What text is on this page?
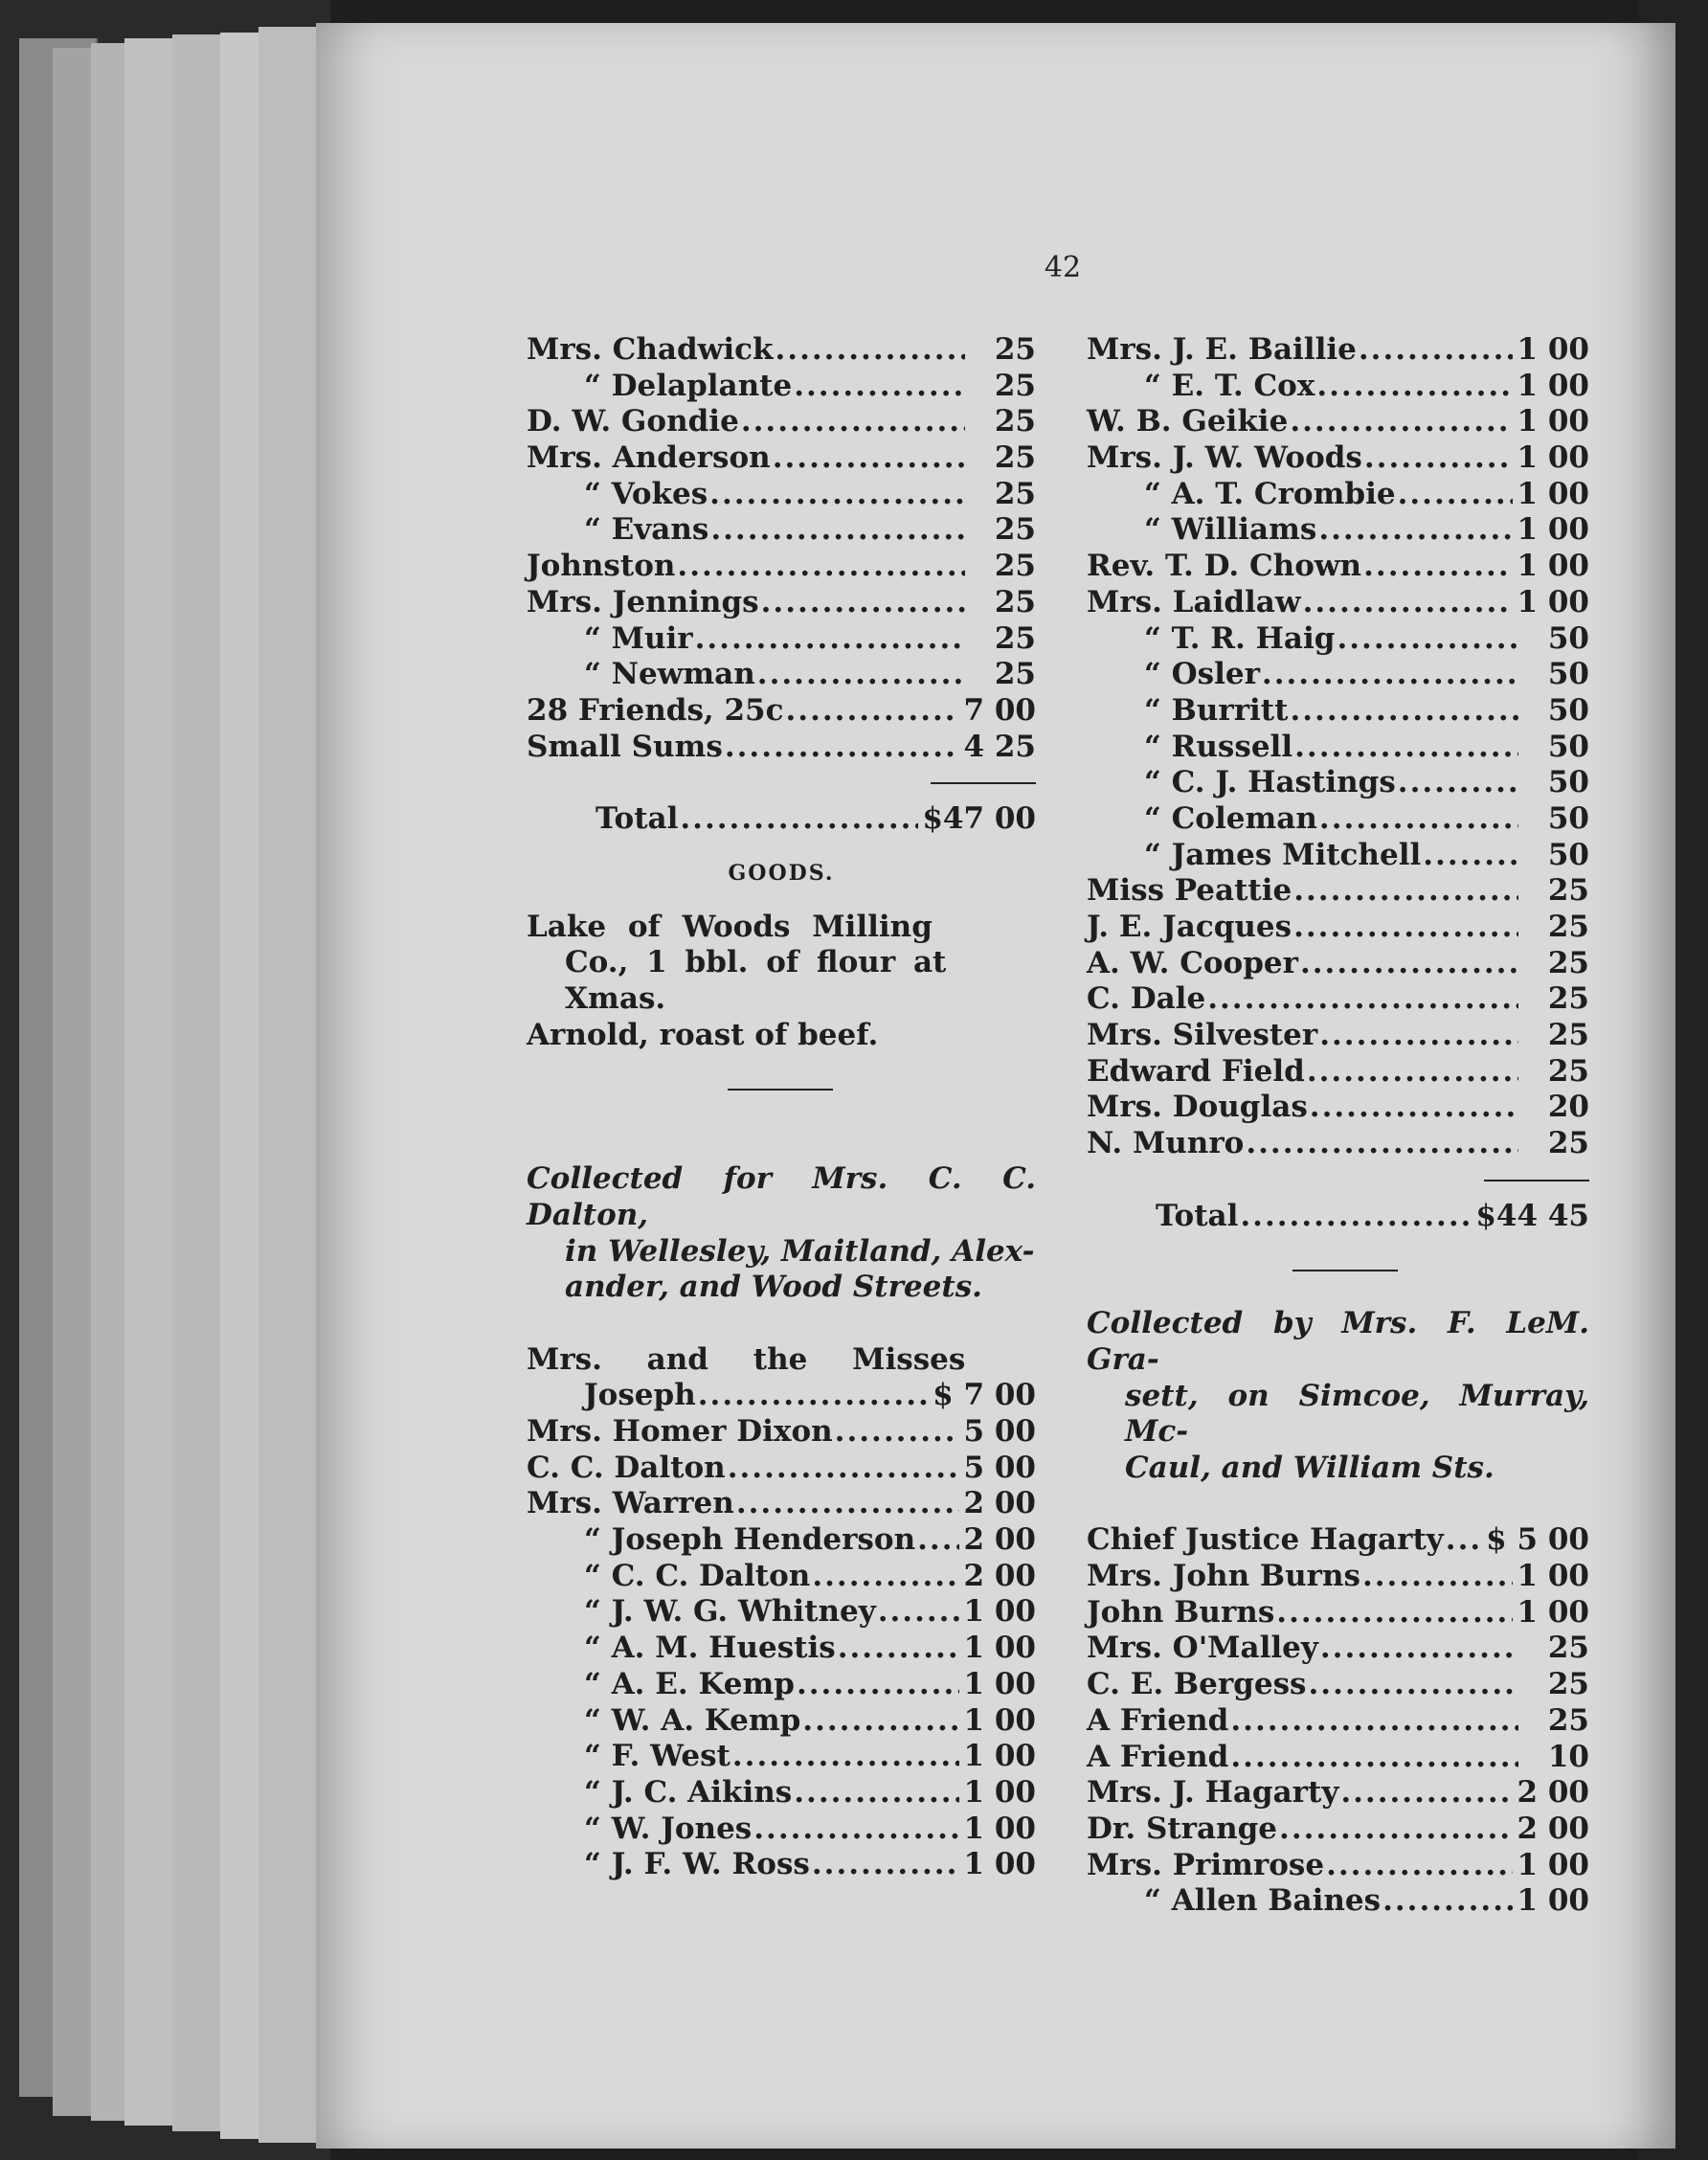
42
Mrs. Chadwick .....	25
“ Delaplante .....	25
D. W. Gondie .....	25
Mrs. Anderson .....	25
“ Vokes .....	25
“ Evans .....	25
Johnston .....	25
Mrs. Jennings .....	25
“ Muir .....	25
“ Newman .....	25
28 Friends, 25c .....	7 00
Small Sums .....	4 25
Total .....	$47 00
GOODS.
Lake of Woods Milling
Co., 1 bbl. of flour at
Xmas.
Arnold, roast of beef.
Collected for Mrs. C. C. Dalton,
in Wellesley, Maitland, Alex-
ander, and Wood Streets.
Mrs. and the Misses
Joseph .....	$ 7 00
Mrs. Homer Dixon .....	5 00
C. C. Dalton .....	5 00
Mrs. Warren .....	2 00
“ Joseph Henderson ..... 2 00
“ C. C. Dalton .....	2 00
“ J. W. G. Whitney .....	1 00
“ A. M. Huestis .....	1 00
“ A. E. Kemp .....	1 00
“ W. A. Kemp .....	1 00
“ F. West .....	1 00
“ J. C. Aikins .....	1 00
“ W. Jones .....	1 00
“ J. F. W. Ross .....	1 00
Mrs. J. E. Baillie .....	1 00
“ E. T. Cox .....	1 00
W. B. Geikie .....	1 00
Mrs. J. W. Woods .....	1 00
“ A. T. Crombie .....	1 00
“ Williams .....	1 00
Rev. T. D. Chown .....	1 00
Mrs. Laidlaw .....	1 00
“ T. R. Haig .....	50
“ Osler .....	50
“ Burritt .....	50
“ Russell .....	50
“ C. J. Hastings .....	50
“ Coleman .....	50
“ James Mitchell .....	50
Miss Peattie .....	25
J. E. Jacques .....	25
A. W. Cooper .....	25
C. Dale .....	25
Mrs. Silvester .....	25
Edward Field .....	25
Mrs. Douglas .....	20
N. Munro .....	25
Total .....	$44 45
Collected by Mrs. F. LeM. Gra-
sett, on Simcoe, Murray, Mc-
Caul, and William Sts.
Chief Justice Hagarty ..... $ 5 00
Mrs. John Burns .....	1 00
John Burns .....	1 00
Mrs. O'Malley .....	25
C. E. Bergess .....	25
A Friend .....	25
A Friend .....	10
Mrs. J. Hagarty .....	2 00
Dr. Strange .....	2 00
Mrs. Primrose .....	1 00
“ Allen Baines .....	1 00
